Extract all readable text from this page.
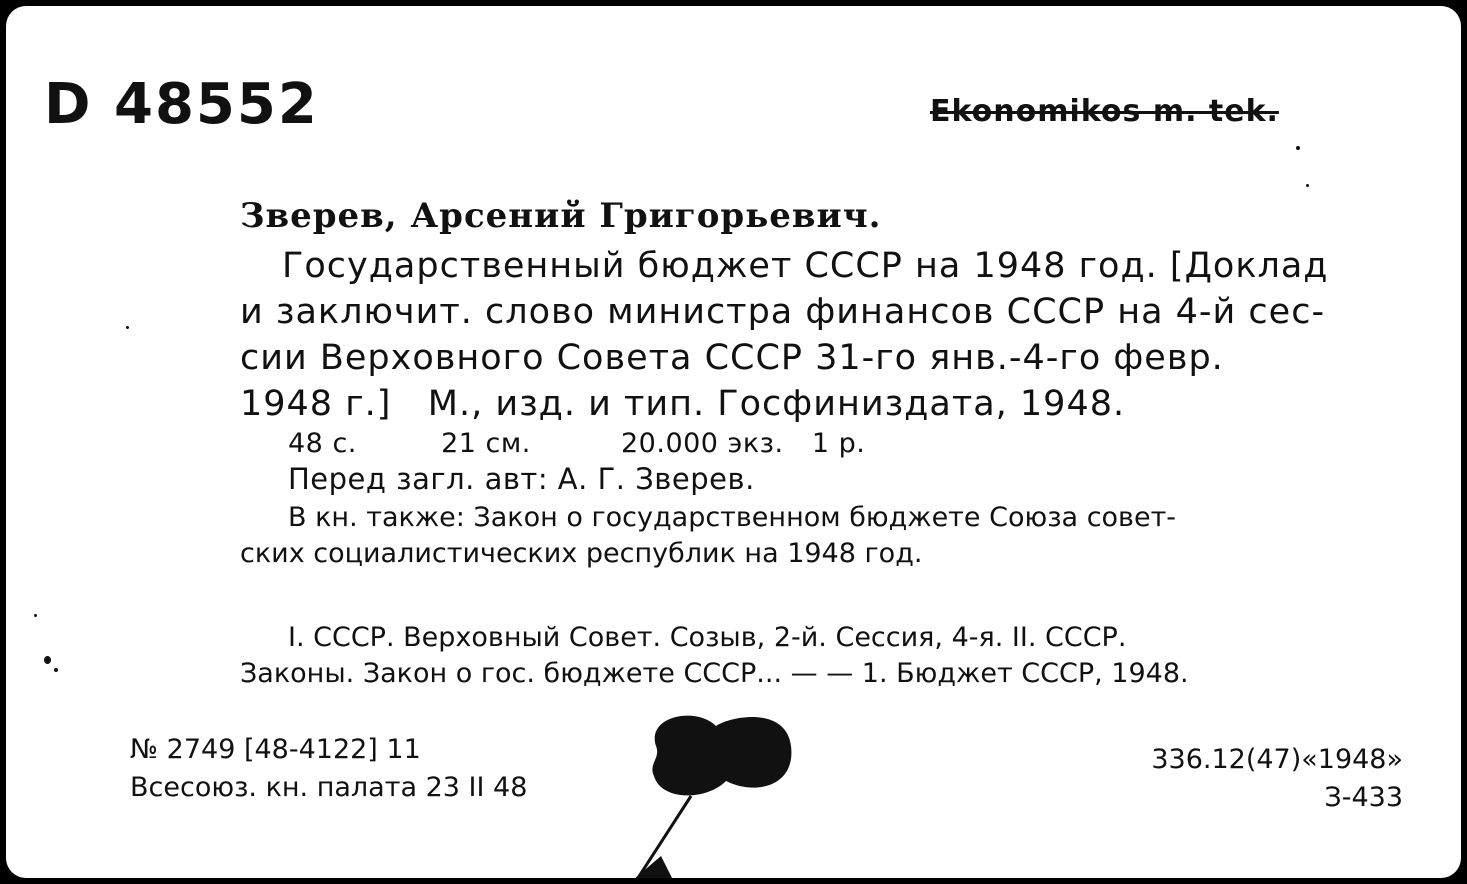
D 48552	Ekonomikos m. tek.
Зверев, Арсений Григорьевич.
Государственный бюджет СССР на 1948 год. [Доклад
и заключит. слово министра финансов СССР на 4-й сес-
сии Верховного Совета СССР 31-го янв.-4-го февр.
1948 г.]   М., изд. и тип. Госфиниздата, 1948.
48 с.	21 см.	20.000 экз. 1 р.
Перед загл. авт: А. Г. Зверев.
В кн. также: Закон о государственном бюджете Союза совет-
ских социалистических республик на 1948 год.
I. СССР. Верховный Совет. Созыв, 2-й. Сессия, 4-я. II. СССР.
Законы. Закон о гос. бюджете СССР... — — 1. Бюджет СССР, 1948.
№ 2749 [48-4122] 11
Всесоюз. кн. палата 23 II 48
336.12(47)«1948»
З-433
